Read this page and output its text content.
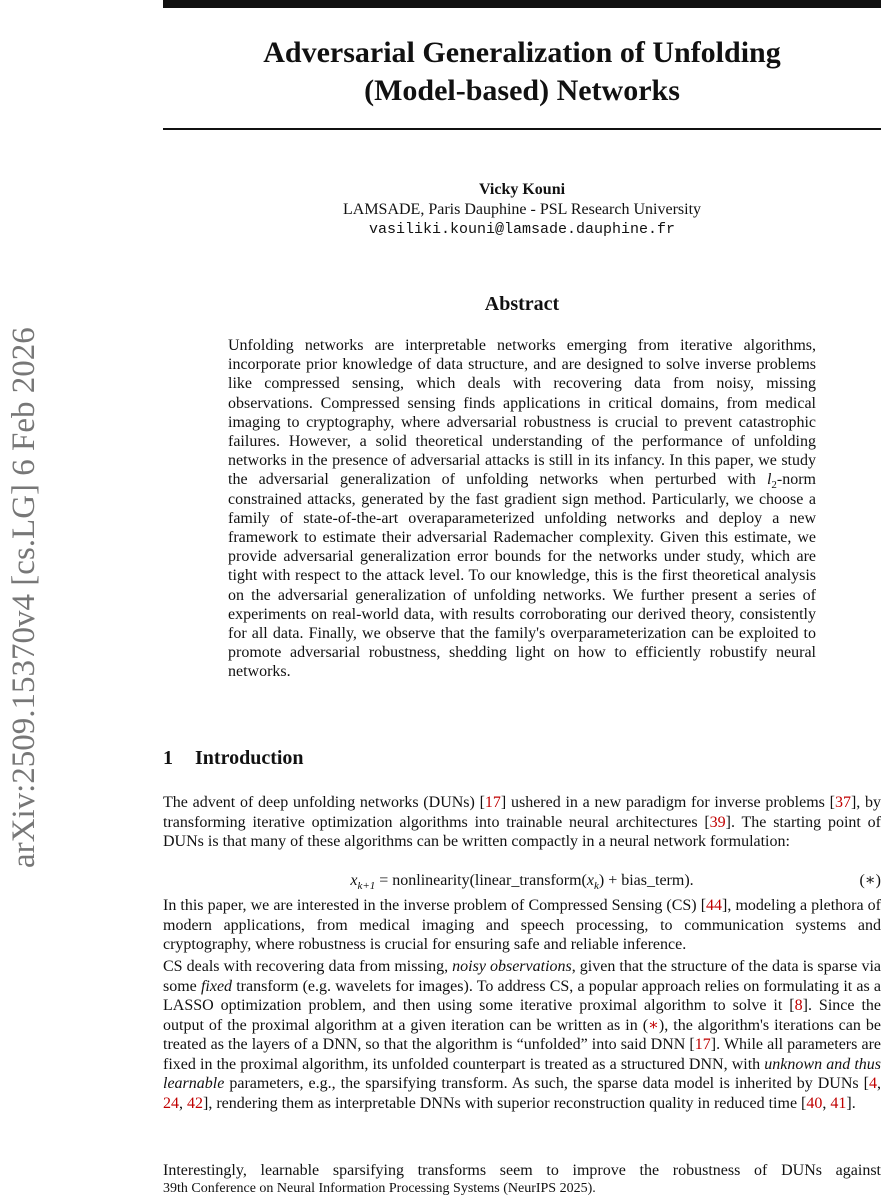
arXiv:2509.15370v4 [cs.LG] 6 Feb 2026
Adversarial Generalization of Unfolding
(Model-based) Networks
Vicky Kouni
LAMSADE, Paris Dauphine - PSL Research University
vasiliki.kouni@lamsade.dauphine.fr
Abstract

Unfolding networks are interpretable networks emerging from iterative algorithms, incorporate prior knowledge of data structure, and are designed to solve inverse problems like compressed sensing, which deals with recovering data from noisy, missing observations. Compressed sensing finds applications in critical domains, from medical imaging to cryptography, where adversarial robustness is crucial to prevent catastrophic failures. However, a solid theoretical understanding of the performance of unfolding networks in the presence of adversarial attacks is still in its infancy. In this paper, we study the adversarial generalization of unfolding networks when perturbed with $l_2$-norm constrained attacks, generated by the fast gradient sign method. Particularly, we choose a family of state-of-the-art overaparameterized unfolding networks and deploy a new framework to estimate their adversarial Rademacher complexity. Given this estimate, we provide adversarial generalization error bounds for the networks under study, which are tight with respect to the attack level. To our knowledge, this is the first theoretical analysis on the adversarial generalization of unfolding networks. We further present a series of experiments on real-world data, with results corroborating our derived theory, consistently for all data. Finally, we observe that the family's overparameterization can be exploited to promote adversarial robustness, shedding light on how to efficiently robustify neural networks.

1 Introduction

The advent of deep unfolding networks (DUNs) [17] ushered in a new paradigm for inverse problems [37], by transforming iterative optimization algorithms into trainable neural architectures [39]. The starting point of DUNs is that many of these algorithms can be written compactly in a neural network formulation:

$x_{k+1}$ = $nonlinearity(linear\_transform(x_k)$ + bias_term).	(∗)

In this paper, we are interested in the inverse problem of Compressed Sensing (CS) [44], modeling a plethora of modern applications, from medical imaging and speech processing, to communication systems and cryptography, where robustness is crucial for ensuring safe and reliable inference.

CS deals with recovering data from missing, noisy observations, given that the structure of the data is sparse via some fixed transform (e.g. wavelets for images). To address CS, a popular approach relies on formulating it as a LASSO optimization problem, and then using some iterative proximal algorithm to solve it [8]. Since the output of the proximal algorithm at a given iteration can be written as in (∗), the algorithm's iterations can be treated as the layers of a DNN, so that the algorithm is “unfolded” into said DNN [17]. While all parameters are fixed in the proximal algorithm, its unfolded counterpart is treated as a structured DNN, with unknown and thus learnable parameters, e.g., the sparsifying transform. As such, the sparse data model is inherited by DUNs [4, 24, 42], rendering them as interpretable DNNs with superior reconstruction quality in reduced time [40, 41].

Interestingly, learnable sparsifying transforms seem to improve the robustness of DUNs against

39th Conference on Neural Information Processing Systems (NeurIPS 2025).
